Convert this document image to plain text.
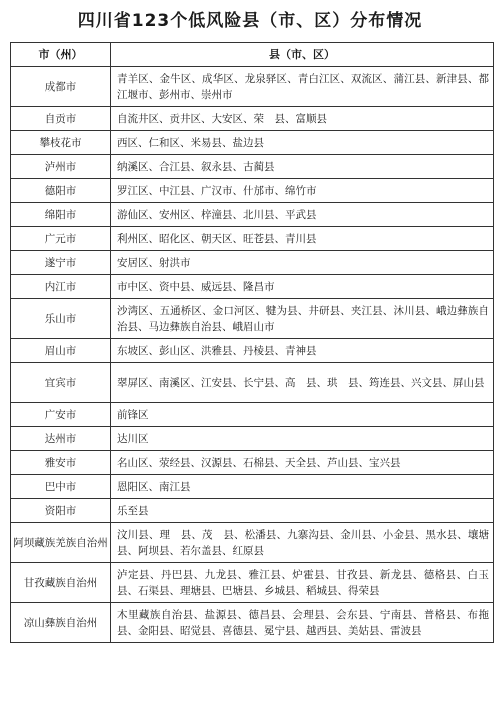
四川省123个低风险县（市、区）分布情况
市（州）	县（市、区）
成都市	青羊区、金牛区、成华区、龙泉驿区、青白江区、双流区、蒲江县、新津县、都江堰市、彭州市、崇州市
自贡市	自流井区、贡井区、大安区、荣　县、富顺县
攀枝花市	西区、仁和区、米易县、盐边县
泸州市	纳溪区、合江县、叙永县、古蔺县
德阳市	罗江区、中江县、广汉市、什邡市、绵竹市
绵阳市	游仙区、安州区、梓潼县、北川县、平武县
广元市	利州区、昭化区、朝天区、旺苍县、青川县
遂宁市	安居区、射洪市
内江市	市中区、资中县、威远县、隆昌市
乐山市	沙湾区、五通桥区、金口河区、犍为县、井研县、夹江县、沐川县、峨边彝族自治县、马边彝族自治县、峨眉山市
眉山市	东坡区、彭山区、洪雅县、丹棱县、青神县
宜宾市	翠屏区、南溪区、江安县、长宁县、高　县、珙　县、筠连县、兴文县、屏山县
广安市	前锋区
达州市	达川区
雅安市	名山区、荥经县、汉源县、石棉县、天全县、芦山县、宝兴县
巴中市	恩阳区、南江县
资阳市	乐至县
阿坝藏族羌族自治州	汶川县、理　县、茂　县、松潘县、九寨沟县、金川县、小金县、黑水县、壤塘县、阿坝县、若尔盖县、红原县
甘孜藏族自治州	泸定县、丹巴县、九龙县、雅江县、炉霍县、甘孜县、新龙县、德格县、白玉县、石渠县、理塘县、巴塘县、乡城县、稻城县、得荣县
凉山彝族自治州	木里藏族自治县、盐源县、德昌县、会理县、会东县、宁南县、普格县、布拖县、金阳县、昭觉县、喜德县、冕宁县、越西县、美姑县、雷波县
